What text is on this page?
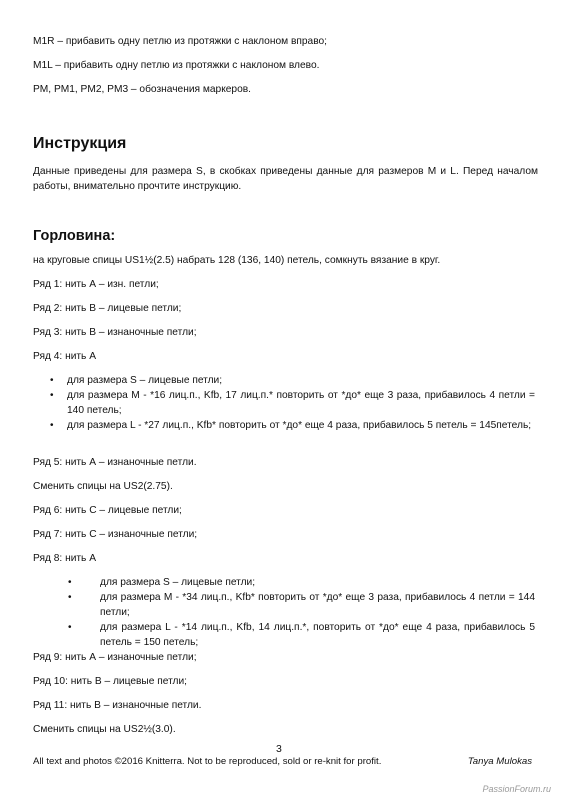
M1R – прибавить одну петлю из протяжки с наклоном вправо;

M1L – прибавить одну петлю из протяжки с наклоном влево.

PM, PM1, PM2, PM3 – обозначения маркеров.

Инструкция

Данные приведены для размера S, в скобках приведены данные для размеров M и L. Перед началом работы, внимательно прочтите инструкцию.

Горловина:

на круговые спицы US1½(2.5) набрать 128 (136, 140) петель, сомкнуть вязание в круг.

Ряд 1: нить А – изн. петли;

Ряд 2: нить В – лицевые петли;

Ряд 3: нить В – изнаночные петли;

Ряд 4: нить А

• для размера S – лицевые петли;

• для размера М - *16 лиц.п., Kfb, 17 лиц.п.* повторить от *до* еще 3 раза, прибавилось 4 петли = 140 петель;

• для размера L - *27 лиц.п., Kfb* повторить от *до* еще 4 раза, прибавилось 5 петель = 145петель;

Ряд 5: нить А – изнаночные петли.

Сменить спицы на US2(2.75).

Ряд 6: нить С – лицевые петли;

Ряд 7: нить С – изнаночные петли;

Ряд 8: нить А

•	для размера S – лицевые петли;

•	для размера М - *34 лиц.п., Kfb* повторить от *до* еще 3 раза, прибавилось 4 петли = 144 петли;

•	для размера L - *14 лиц.п., Kfb, 14 лиц.п.*, повторить от *до* еще 4 раза, прибавилось 5 петель = 150 петель;

Ряд 9: нить А – изнаночные петли;

Ряд 10: нить В – лицевые петли;

Ряд 11: нить В – изнаночные петли.

Сменить спицы на US2½(3.0).

3
All text and photos ©2016 Knitterra. Not to be reproduced, sold or re-knit for profit.	Tanya Mulokas
PassionForum.ru
